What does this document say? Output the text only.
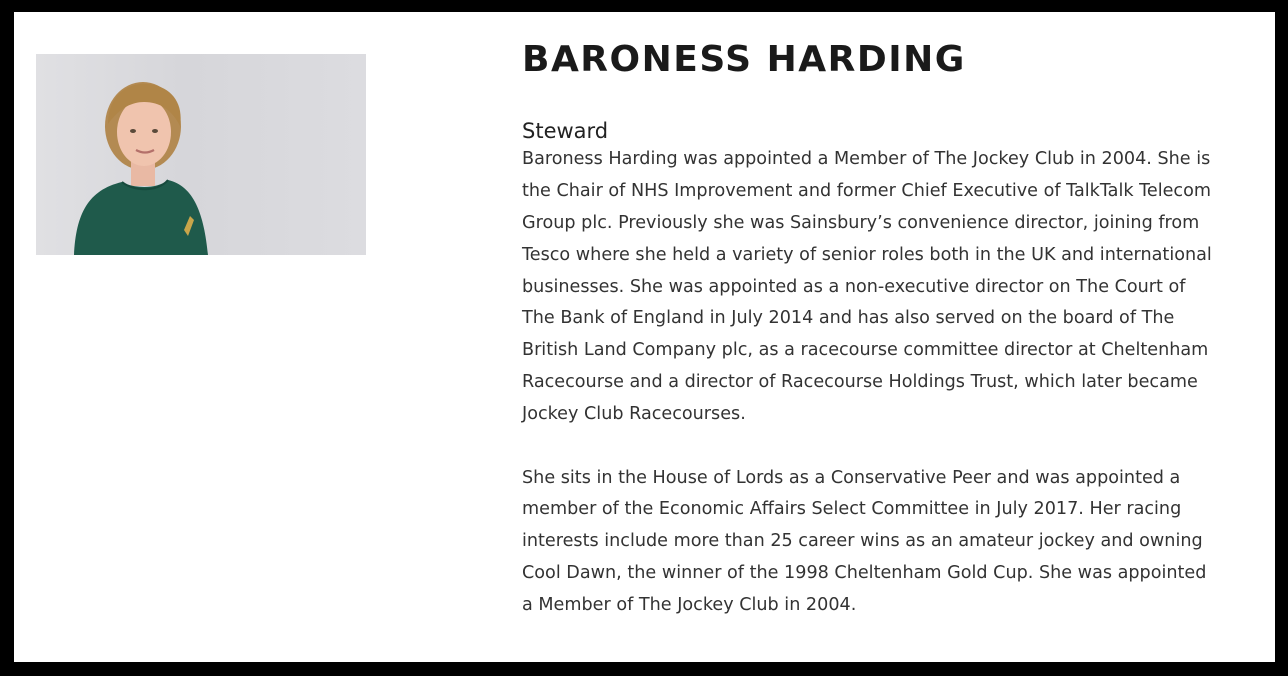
BARONESS HARDING
Steward

Baroness Harding was appointed a Member of The Jockey Club in 2004. She is the Chair of NHS Improvement and former Chief Executive of TalkTalk Telecom Group plc. Previously she was Sainsbury’s convenience director, joining from Tesco where she held a variety of senior roles both in the UK and international businesses. She was appointed as a non-executive director on The Court of The Bank of England in July 2014 and has also served on the board of The British Land Company plc, as a racecourse committee director at Cheltenham Racecourse and a director of Racecourse Holdings Trust, which later became Jockey Club Racecourses.

She sits in the House of Lords as a Conservative Peer and was appointed a member of the Economic Affairs Select Committee in July 2017. Her racing interests include more than 25 career wins as an amateur jockey and owning Cool Dawn, the winner of the 1998 Cheltenham Gold Cup. She was appointed a Member of The Jockey Club in 2004.
